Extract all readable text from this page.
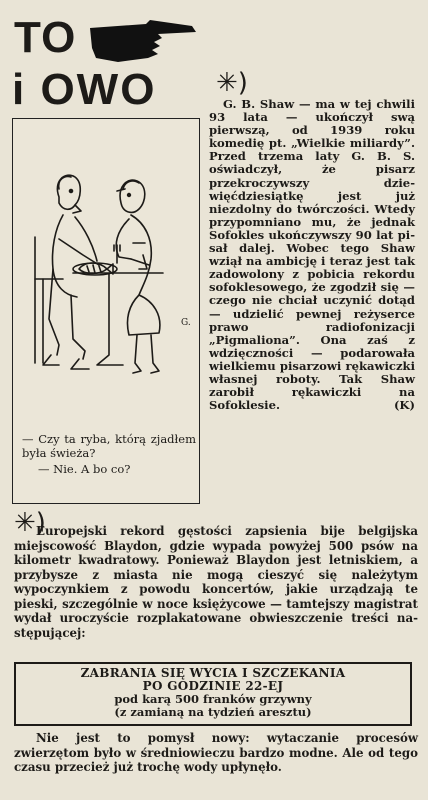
TO
i OWO ✳)
G.

— Czy ta ryba, którą zjadłem była świeża?

— Nie. A bo co?

G. B. Shaw — ma w tej chwili 93 lata — ukończył swą pierwszą, od 1939 roku komedię pt. „Wielkie miliardy”. Przed trzema laty G. B. S. oświadczył, że pisarz przekroczywszy dziewięćdziesiątkę jest już niezdolny do twórczości. Wtedy przypomniano mu, że jednak Sofokles ukończywszy 90 lat pisał dalej. Wobec tego Shaw wziął na ambicję i teraz jest tak zadowolony z pobicia rekordu sofoklesowego, że zgodził się — czego nie chciał uczynić dotąd — udzielić pewnej reżyserce prawo radiofonizacji „Pigmaliona”. Ona zaś z wdzięczności — podarowała wielkiemu pisarzowi rękawiczki własnej roboty. Tak Shaw zarobił rękawiczki na Sofoklesie.	(K)

✳)

Europejski rekord gęstości zapsienia bije belgijska miejscowość Blaydon, gdzie wypada powyżej 500 psów na kilometr kwadratowy. Ponieważ Blaydon jest letniskiem, a przybysze z miasta nie mogą cieszyć się należytym wypoczynkiem z powodu koncertów, jakie urządzają te pieski, szczególnie w noce księżycowe — tamtejszy magistrat wydał uroczyście rozplakatowane obwieszczenie treści następującej:

ZABRANIA SIĘ WYCIA I SZCZEKANIA
PO GODZINIE 22-EJ
pod karą 500 franków grzywny
(z zamianą na tydzień aresztu)

Nie jest to pomysł nowy: wytaczanie procesów zwierzętom było w średniowieczu bardzo modne. Ale od tego czasu przecież już trochę wody upłynęło.
